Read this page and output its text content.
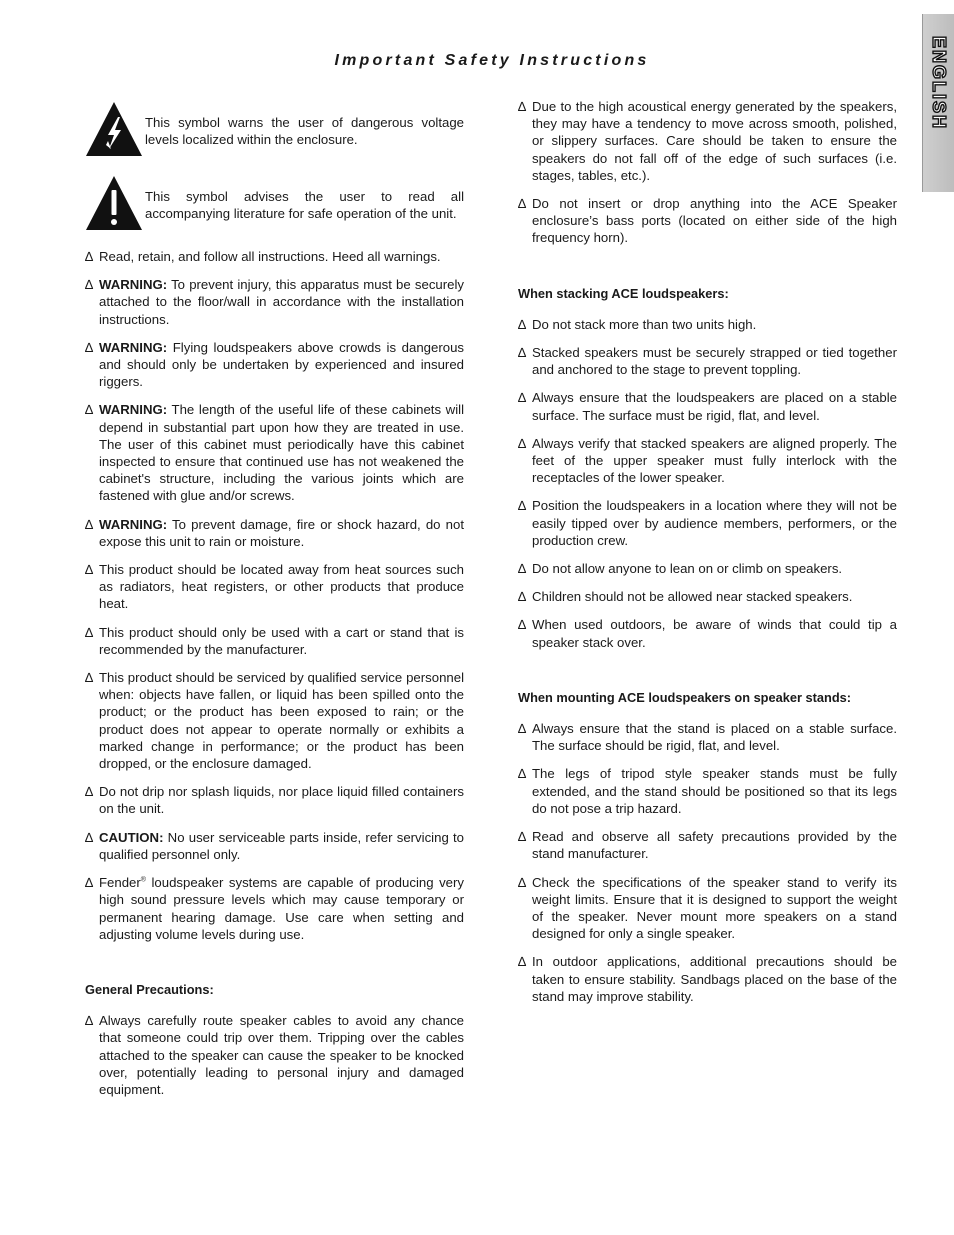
Important Safety Instructions	ENGLISH
This symbol warns the user of dangerous voltage levels localized within the enclosure.
This symbol advises the user to read all accompanying literature for safe operation of the unit.
∆ Read, retain, and follow all instructions. Heed all warnings.
∆ WARNING: To prevent injury, this apparatus must be securely attached to the floor/wall in accordance with the installation instructions.
∆ WARNING: Flying loudspeakers above crowds is dangerous and should only be undertaken by experienced and insured riggers.
∆ WARNING: The length of the useful life of these cabinets will depend in substantial part upon how they are treated in use. The user of this cabinet must periodically have this cabinet inspected to ensure that continued use has not weakened the cabinet's structure, including the various joints which are fastened with glue and/or screws.
∆ WARNING: To prevent damage, fire or shock hazard, do not expose this unit to rain or moisture.
∆ This product should be located away from heat sources such as radiators, heat registers, or other products that produce heat.
∆ This product should only be used with a cart or stand that is recommended by the manufacturer.
∆ This product should be serviced by qualified service personnel when: objects have fallen, or liquid has been spilled onto the product; or the product has been exposed to rain; or the product does not appear to operate normally or exhibits a marked change in performance; or the product has been dropped, or the enclosure damaged.
∆ Do not drip nor splash liquids, nor place liquid filled containers on the unit.
∆ CAUTION: No user serviceable parts inside, refer servicing to qualified personnel only.
∆ Fender® loudspeaker systems are capable of producing very high sound pressure levels which may cause temporary or permanent hearing damage. Use care when setting and adjusting volume levels during use.
General Precautions:
∆ Always carefully route speaker cables to avoid any chance that someone could trip over them. Tripping over the cables attached to the speaker can cause the speaker to be knocked over, potentially leading to personal injury and damaged equipment.
∆ Due to the high acoustical energy generated by the speakers, they may have a tendency to move across smooth, polished, or slippery surfaces. Care should be taken to ensure the speakers do not fall off of the edge of such surfaces (i.e. stages, tables, etc.).
∆ Do not insert or drop anything into the ACE Speaker enclosure’s bass ports (located on either side of the high frequency horn).
When stacking ACE loudspeakers:
∆ Do not stack more than two units high.
∆ Stacked speakers must be securely strapped or tied together and anchored to the stage to prevent toppling.
∆ Always ensure that the loudspeakers are placed on a stable surface. The surface must be rigid, flat, and level.
∆ Always verify that stacked speakers are aligned properly. The feet of the upper speaker must fully interlock with the receptacles of the lower speaker.
∆ Position the loudspeakers in a location where they will not be easily tipped over by audience members, performers, or the production crew.
∆ Do not allow anyone to lean on or climb on speakers.
∆ Children should not be allowed near stacked speakers.
∆ When used outdoors, be aware of winds that could tip a speaker stack over.
When mounting ACE loudspeakers on speaker stands:
∆ Always ensure that the stand is placed on a stable surface. The surface should be rigid, flat, and level.
∆ The legs of tripod style speaker stands must be fully extended, and the stand should be positioned so that its legs do not pose a trip hazard.
∆ Read and observe all safety precautions provided by the stand manufacturer.
∆ Check the specifications of the speaker stand to verify its weight limits. Ensure that it is designed to support the weight of the speaker. Never mount more speakers on a stand designed for only a single speaker.
∆ In outdoor applications, additional precautions should be taken to ensure stability. Sandbags placed on the base of the stand may improve stability.
